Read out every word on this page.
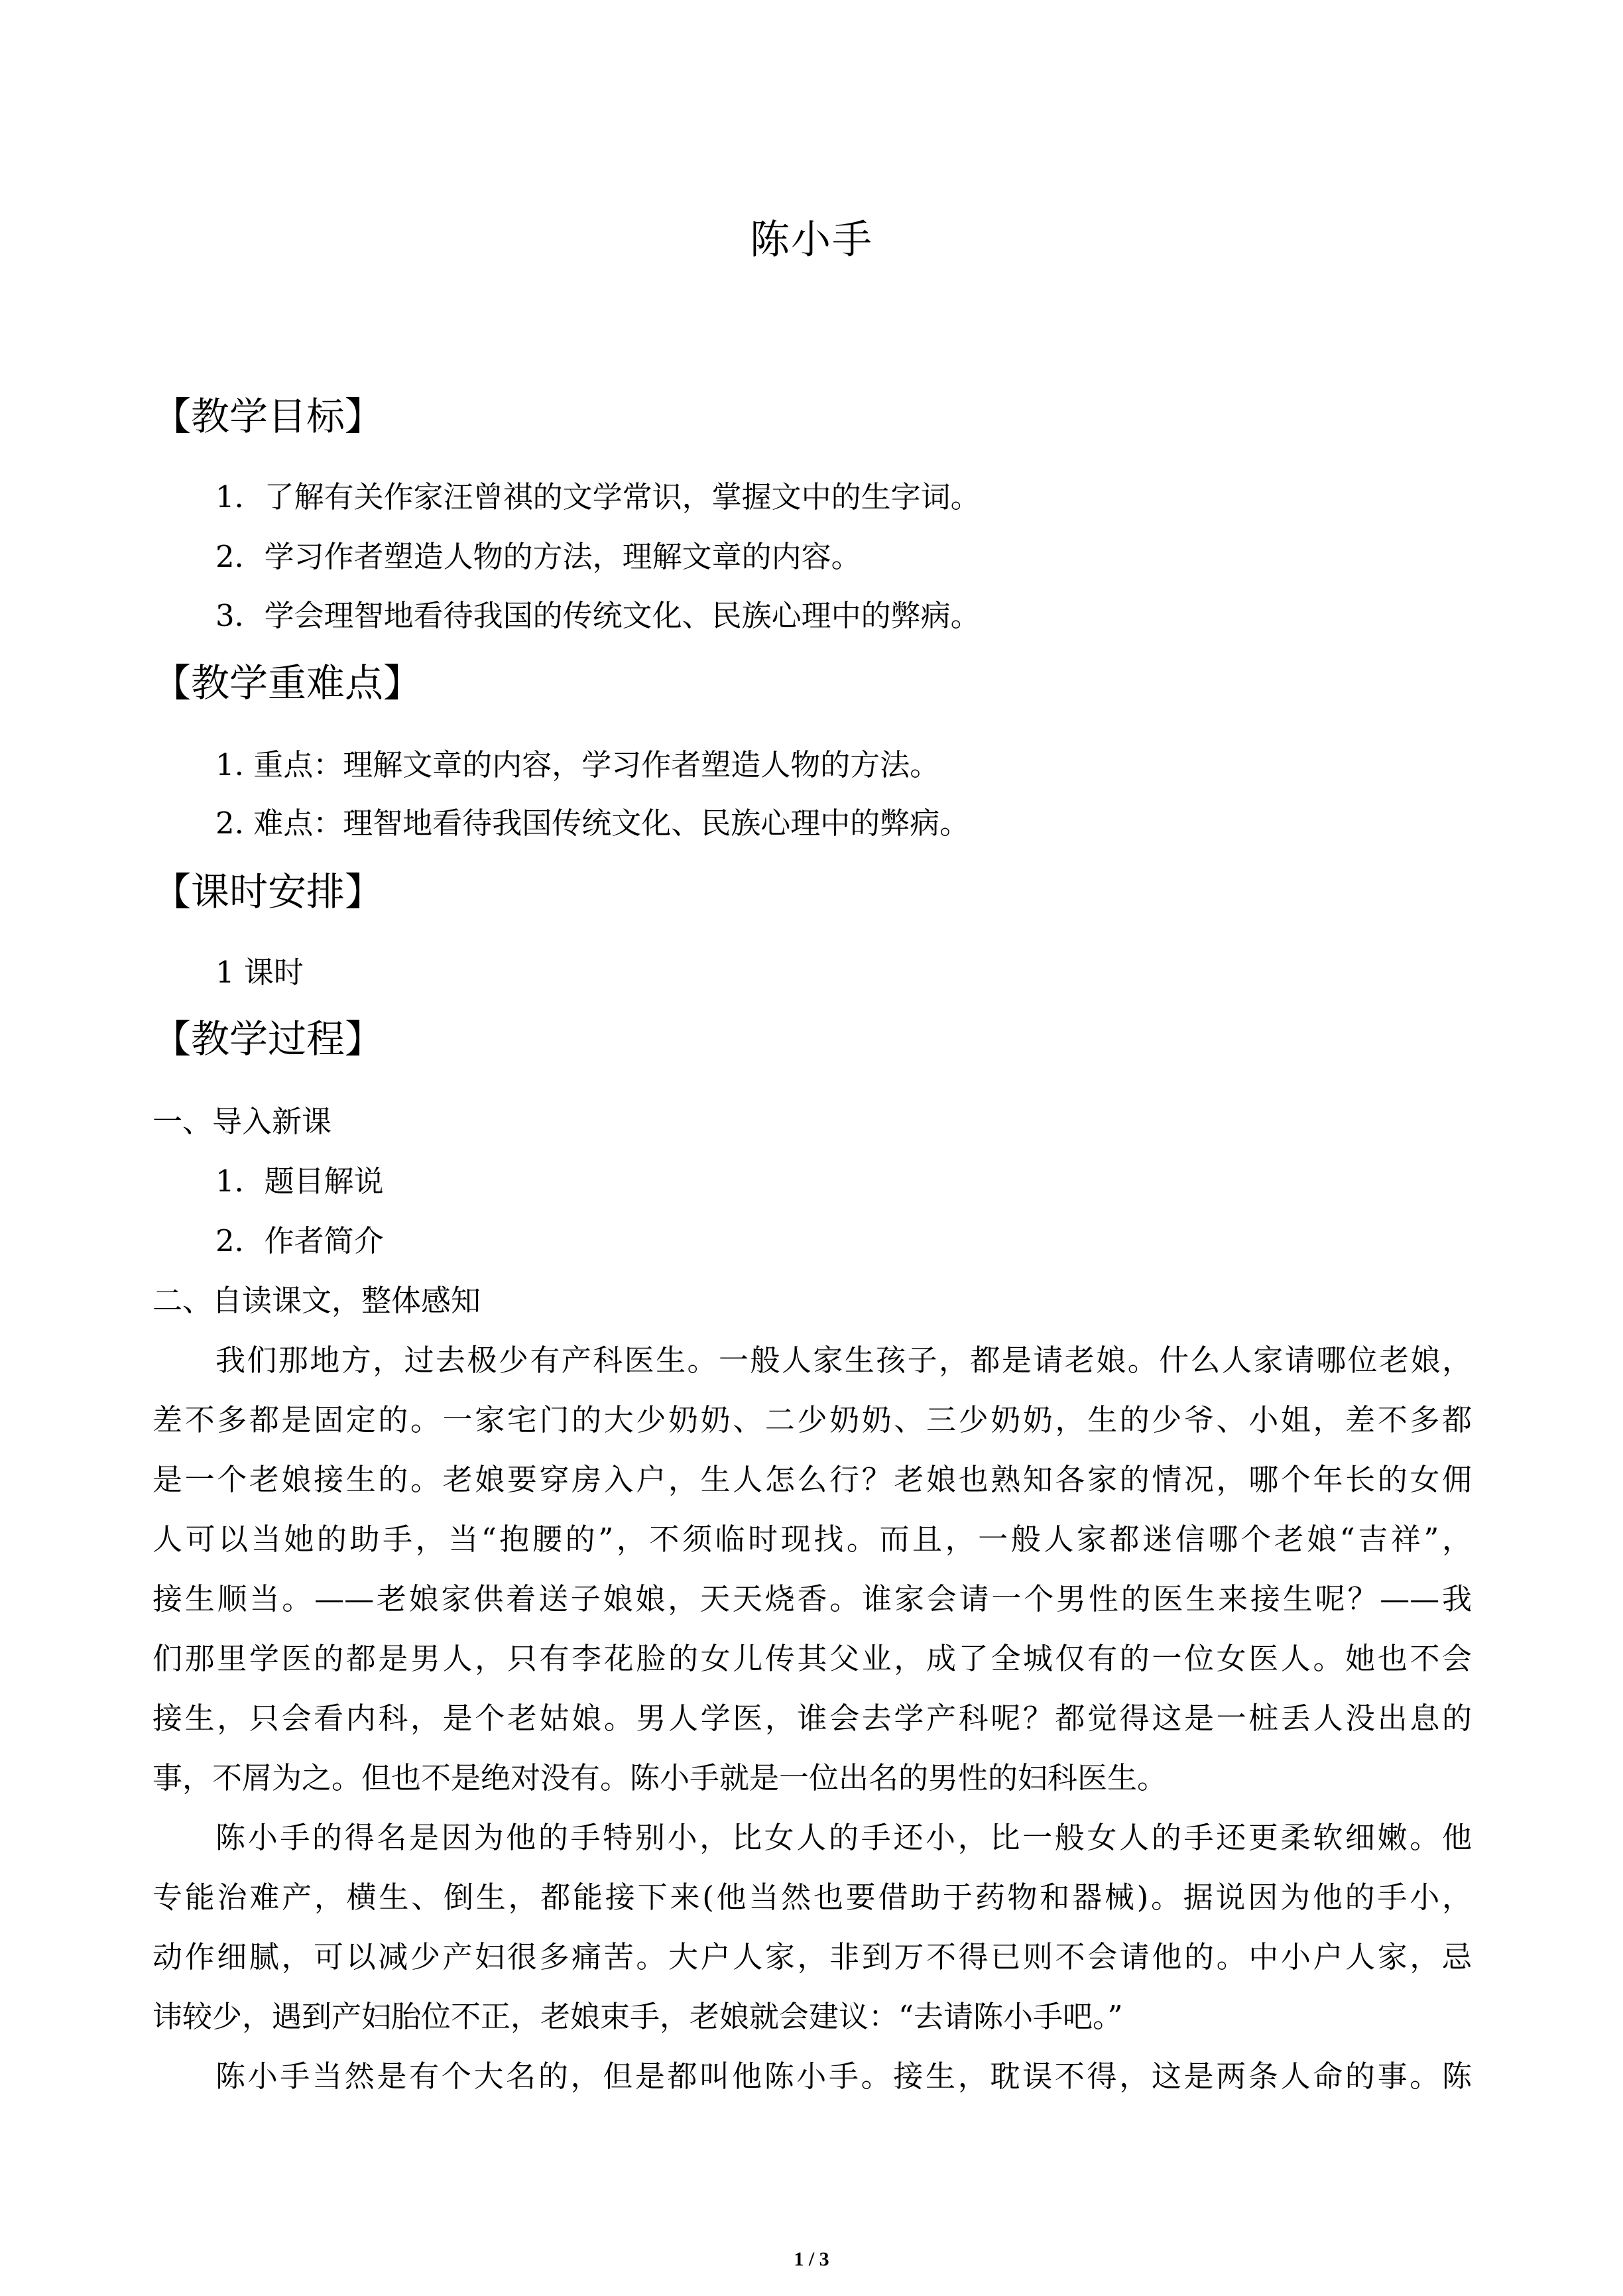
陈小手
【教学目标】
1．了解有关作家汪曾祺的文学常识，掌握文中的生字词。
2．学习作者塑造人物的方法，理解文章的内容。
3．学会理智地看待我国的传统文化、民族心理中的弊病。
【教学重难点】
1. 重点：理解文章的内容，学习作者塑造人物的方法。
2. 难点：理智地看待我国传统文化、民族心理中的弊病。
【课时安排】
1 课时
【教学过程】
一、导入新课
1．题目解说
2．作者简介
二、自读课文，整体感知
我们那地方，过去极少有产科医生。一般人家生孩子，都是请老娘。什么人家请哪位老娘，
差不多都是固定的。一家宅门的大少奶奶、二少奶奶、三少奶奶，生的少爷、小姐，差不多都
是一个老娘接生的。老娘要穿房入户，生人怎么行？老娘也熟知各家的情况，哪个年长的女佣
人可以当她的助手，当“抱腰的”，不须临时现找。而且，一般人家都迷信哪个老娘“吉祥”，
接生顺当。——老娘家供着送子娘娘，天天烧香。谁家会请一个男性的医生来接生呢？——我
们那里学医的都是男人，只有李花脸的女儿传其父业，成了全城仅有的一位女医人。她也不会
接生，只会看内科，是个老姑娘。男人学医，谁会去学产科呢？都觉得这是一桩丢人没出息的
事，不屑为之。但也不是绝对没有。陈小手就是一位出名的男性的妇科医生。
陈小手的得名是因为他的手特别小，比女人的手还小，比一般女人的手还更柔软细嫩。他
专能治难产，横生、倒生，都能接下来(他当然也要借助于药物和器械)。据说因为他的手小，
动作细腻，可以减少产妇很多痛苦。大户人家，非到万不得已则不会请他的。中小户人家，忌
讳较少，遇到产妇胎位不正，老娘束手，老娘就会建议：“去请陈小手吧。”
陈小手当然是有个大名的，但是都叫他陈小手。接生，耽误不得，这是两条人命的事。陈
1 / 3
